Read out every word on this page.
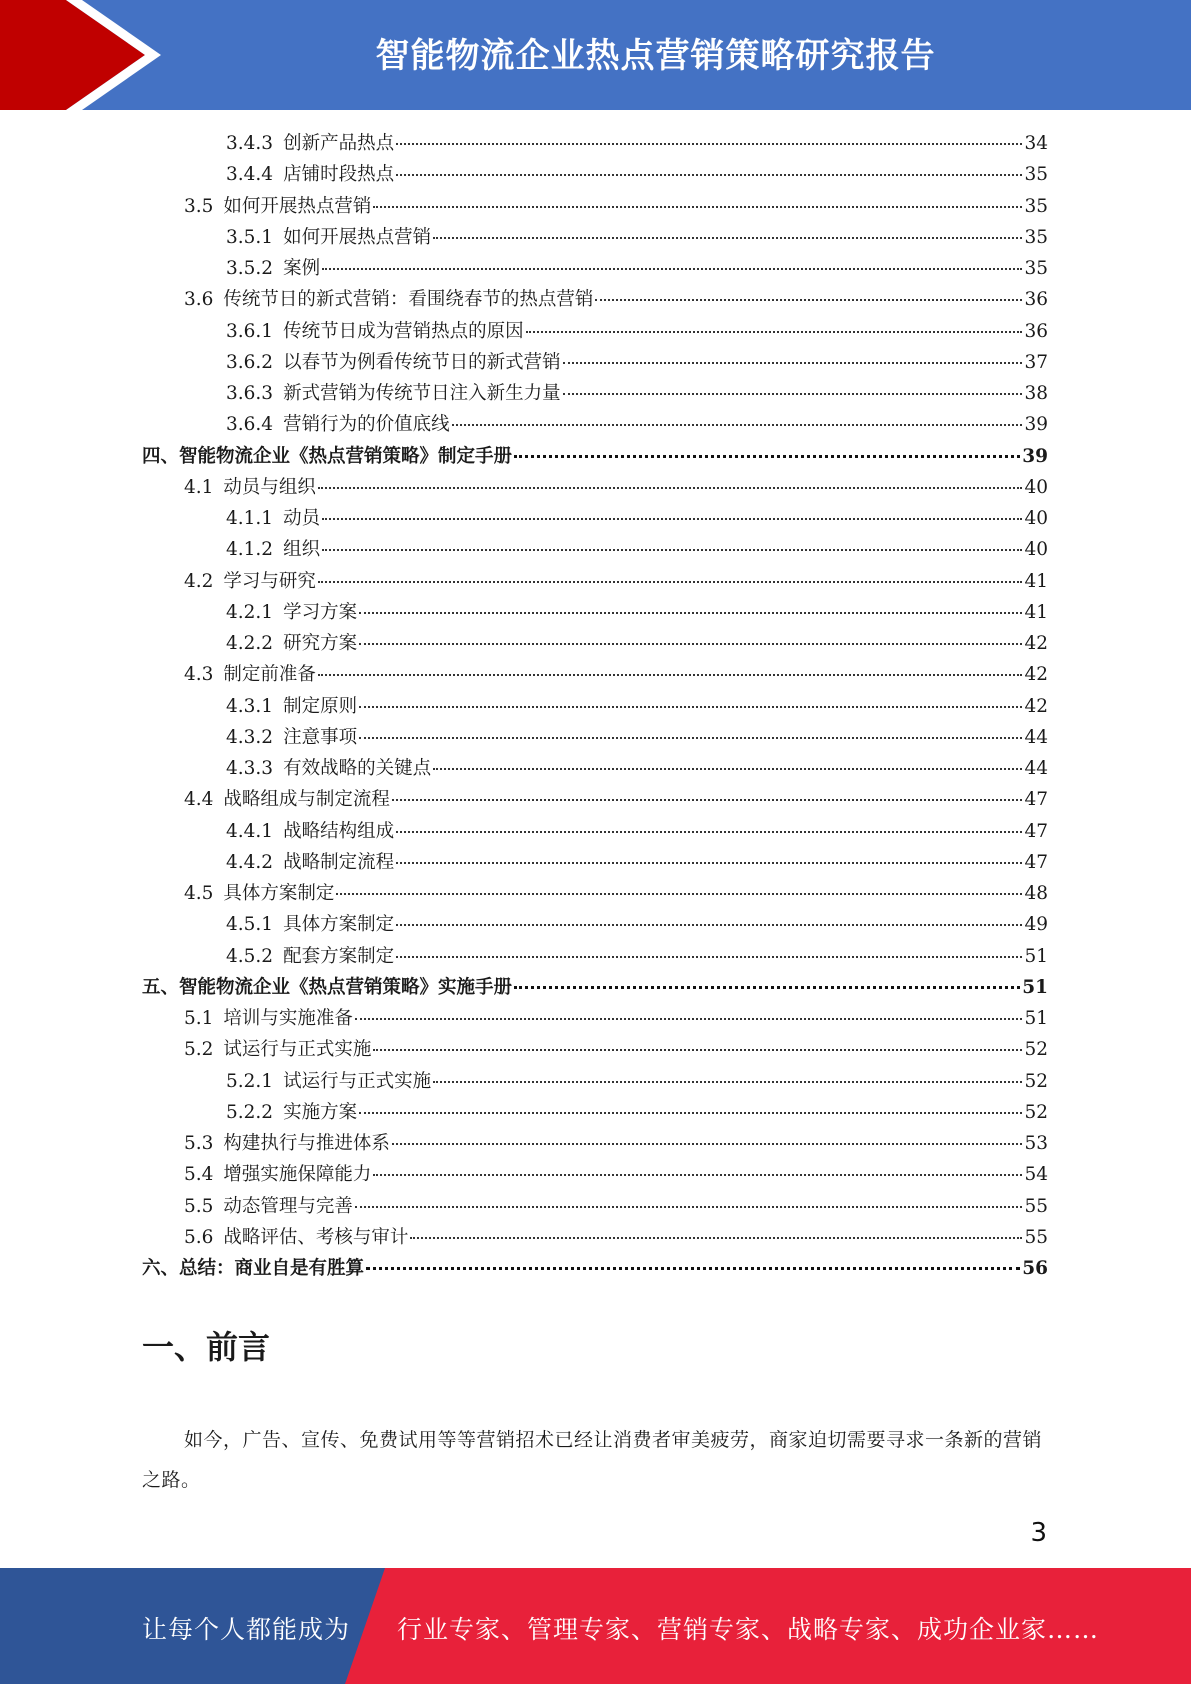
智能物流企业热点营销策略研究报告
3.4.3 创新产品热点	34
3.4.4 店铺时段热点	35
3.5 如何开展热点营销	35
3.5.1 如何开展热点营销	35
3.5.2 案例	35
3.6 传统节日的新式营销：看围绕春节的热点营销	36
3.6.1 传统节日成为营销热点的原因	36
3.6.2 以春节为例看传统节日的新式营销	37
3.6.3 新式营销为传统节日注入新生力量	38
3.6.4 营销行为的价值底线	39
四、 智能物流企业《热点营销策略》制定手册	39
4.1 动员与组织	40
4.1.1 动员	40
4.1.2 组织	40
4.2 学习与研究	41
4.2.1 学习方案	41
4.2.2 研究方案	42
4.3 制定前准备	42
4.3.1 制定原则	42
4.3.2 注意事项	44
4.3.3 有效战略的关键点	44
4.4 战略组成与制定流程	47
4.4.1 战略结构组成	47
4.4.2 战略制定流程	47
4.5 具体方案制定	48
4.5.1 具体方案制定	49
4.5.2 配套方案制定	51
五、 智能物流企业《热点营销策略》实施手册	51
5.1 培训与实施准备	51
5.2 试运行与正式实施	52
5.2.1 试运行与正式实施	52
5.2.2 实施方案	52
5.3 构建执行与推进体系	53
5.4 增强实施保障能力	54
5.5 动态管理与完善	55
5.6 战略评估、考核与审计	55
六、 总结：商业自是有胜算	56
一、前言

如今，广告、宣传、免费试用等等营销招术已经让消费者审美疲劳，商家迫切需要寻求一条新的营销之路。

3
让每个人都能成为 行业专家、管理专家、营销专家、战略专家、成功企业家……
